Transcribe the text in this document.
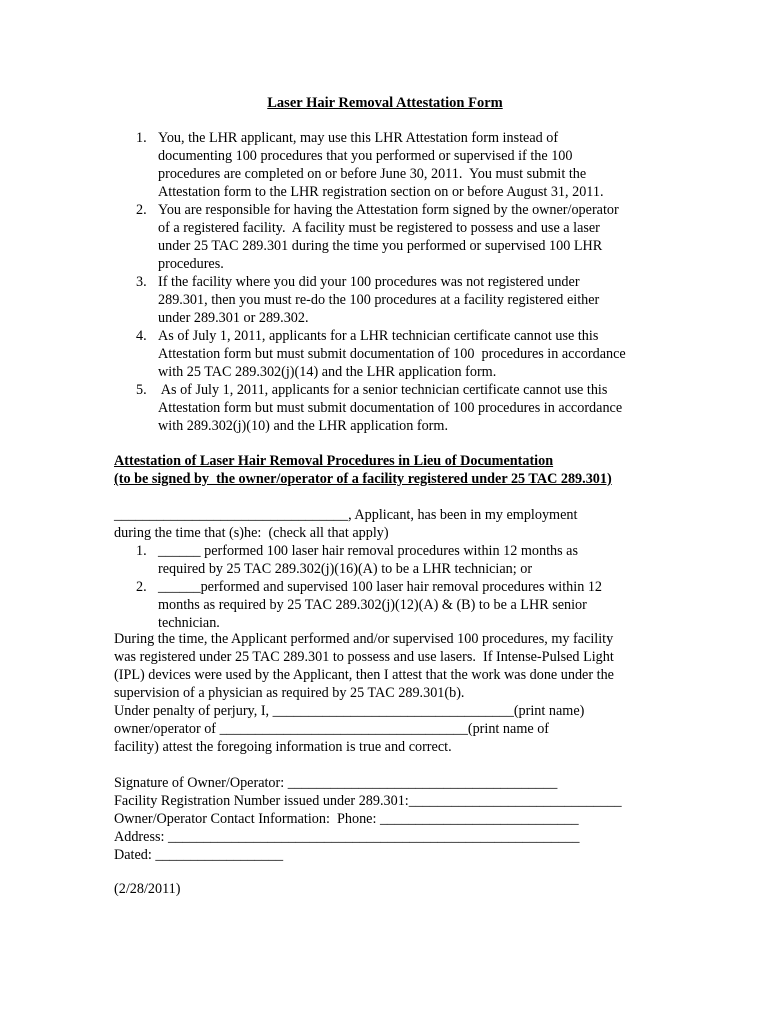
Laser Hair Removal Attestation Form
1. You, the LHR applicant, may use this LHR Attestation form instead of
documenting 100 procedures that you performed or supervised if the 100
procedures are completed on or before June 30, 2011.  You must submit the
Attestation form to the LHR registration section on or before August 31, 2011.
2. You are responsible for having the Attestation form signed by the owner/operator
of a registered facility.  A facility must be registered to possess and use a laser
under 25 TAC 289.301 during the time you performed or supervised 100 LHR
procedures.
3. If the facility where you did your 100 procedures was not registered under
289.301, then you must re-do the 100 procedures at a facility registered either
under 289.301 or 289.302.
4. As of July 1, 2011, applicants for a LHR technician certificate cannot use this
Attestation form but must submit documentation of 100  procedures in accordance
with 25 TAC 289.302(j)(14) and the LHR application form.
5. As of July 1, 2011, applicants for a senior technician certificate cannot use this
Attestation form but must submit documentation of 100 procedures in accordance
with 289.302(j)(10) and the LHR application form.
Attestation of Laser Hair Removal Procedures in Lieu of Documentation
(to be signed by  the owner/operator of a facility registered under 25 TAC 289.301)
_________________________________, Applicant, has been in my employment
during the time that (s)he:  (check all that apply)
1. ______ performed 100 laser hair removal procedures within 12 months as
required by 25 TAC 289.302(j)(16)(A) to be a LHR technician; or
2. ______performed and supervised 100 laser hair removal procedures within 12
months as required by 25 TAC 289.302(j)(12)(A) & (B) to be a LHR senior
technician.
During the time, the Applicant performed and/or supervised 100 procedures, my facility
was registered under 25 TAC 289.301 to possess and use lasers.  If Intense-Pulsed Light
(IPL) devices were used by the Applicant, then I attest that the work was done under the
supervision of a physician as required by 25 TAC 289.301(b).
Under penalty of perjury, I, __________________________________(print name)
owner/operator of ___________________________________(print name of
facility) attest the foregoing information is true and correct.
Signature of Owner/Operator: ______________________________________
Facility Registration Number issued under 289.301:______________________________
Owner/Operator Contact Information:  Phone: ____________________________
Address: __________________________________________________________
Dated: __________________
(2/28/2011)
